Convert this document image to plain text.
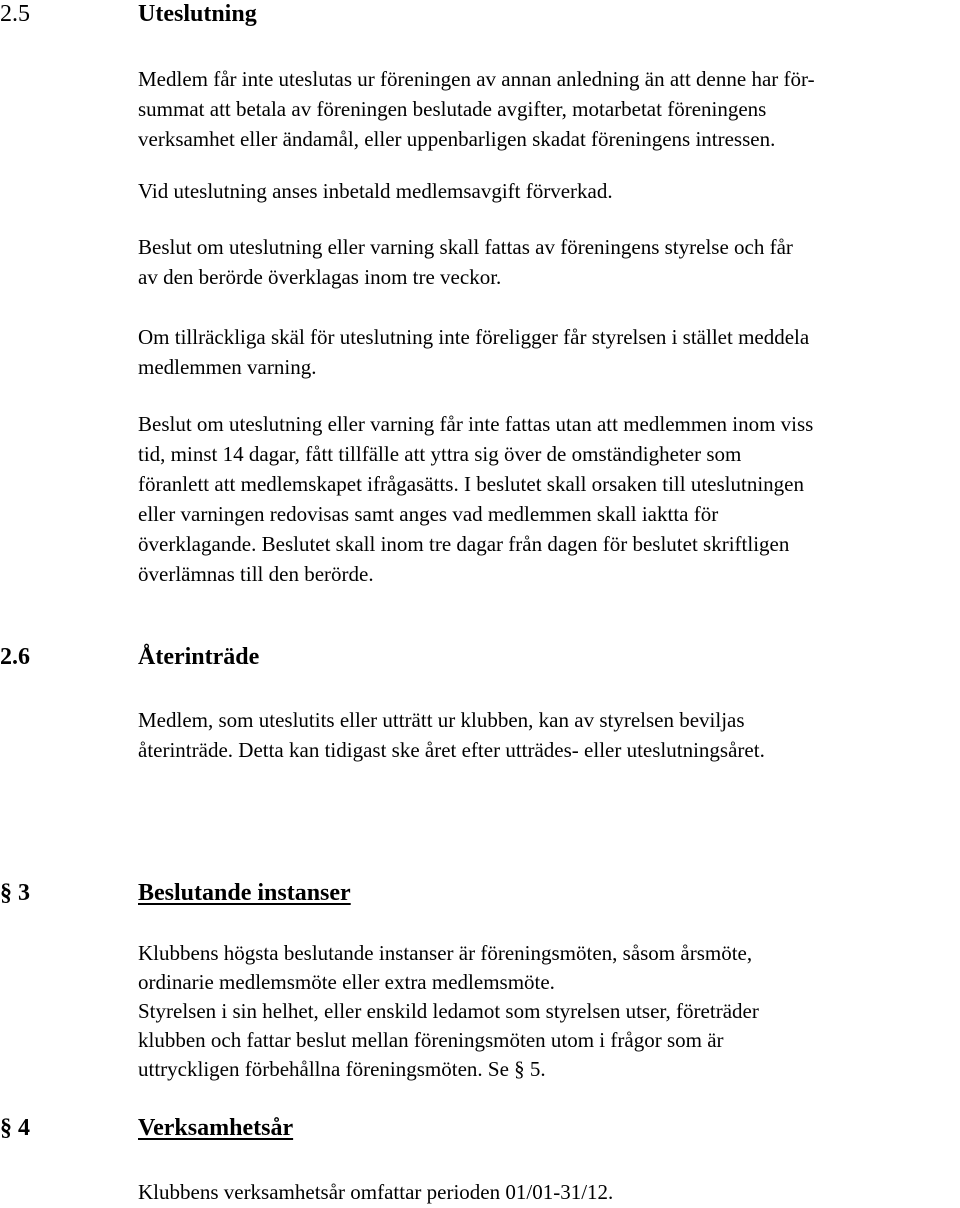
2.5	Uteslutning
Medlem får inte uteslutas ur föreningen av annan anledning än att denne har för-
summat att betala av föreningen beslutade avgifter, motarbetat föreningens
verksamhet eller ändamål, eller uppenbarligen skadat föreningens intressen.
Vid uteslutning anses inbetald medlemsavgift förverkad.
Beslut om uteslutning eller varning skall fattas av föreningens styrelse och får
av den berörde överklagas inom tre veckor.
Om tillräckliga skäl för uteslutning inte föreligger får styrelsen i stället meddela
medlemmen varning.
Beslut om uteslutning eller varning får inte fattas utan att medlemmen inom viss
tid, minst 14 dagar, fått tillfälle att yttra sig över de omständigheter som
föranlett att medlemskapet ifrågasätts. I beslutet skall orsaken till uteslutningen
eller varningen redovisas samt anges vad medlemmen skall iaktta för
överklagande. Beslutet skall inom tre dagar från dagen för beslutet skriftligen
överlämnas till den berörde.
2.6	Återinträde
Medlem, som uteslutits eller utträtt ur klubben, kan av styrelsen beviljas
återinträde. Detta kan tidigast ske året efter utträdes- eller uteslutningsåret.
§ 3	Beslutande instanser
Klubbens högsta beslutande instanser är föreningsmöten, såsom årsmöte,
ordinarie medlemsmöte eller extra medlemsmöte.
Styrelsen i sin helhet, eller enskild ledamot som styrelsen utser, företräder
klubben och fattar beslut mellan föreningsmöten utom i frågor som är
uttryckligen förbehållna föreningsmöten. Se § 5.
§ 4	Verksamhetsår
Klubbens verksamhetsår omfattar perioden 01/01-31/12.
